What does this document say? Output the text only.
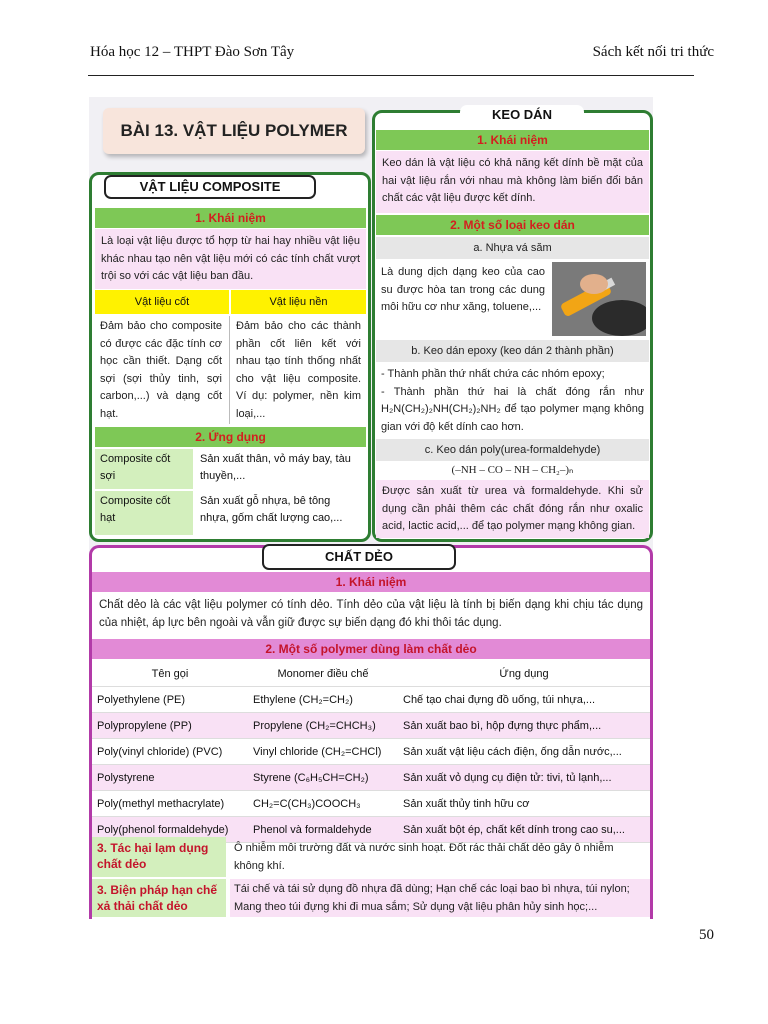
Hóa học 12 – THPT Đào Sơn Tây	Sách kết nối tri thức
BÀI 13. VẬT LIỆU POLYMER
VẬT LIỆU COMPOSITE
1. Khái niệm
Là loại vật liệu được tổ hợp từ hai hay nhiều vật liệu khác nhau tạo nên vật liệu mới có các tính chất vượt trội so với các vật liệu ban đầu.
Vật liệu cốt	Vật liệu nền
Đảm bảo cho composite có được các đặc tính cơ học cần thiết. Dạng cốt sợi (sợi thủy tinh, sợi carbon,...) và dạng cốt hạt.
Đảm bảo cho các thành phần cốt liên kết với nhau tạo tính thống nhất cho vật liệu composite. Ví dụ: polymer, nền kim loại,...
2. Ứng dụng
Composite cốt sợi
Sản xuất thân, vỏ máy bay, tàu thuyền,...
Composite cốt hạt
Sản xuất gỗ nhựa, bê tông nhựa, gốm chất lượng cao,...
KEO DÁN
1. Khái niệm
Keo dán là vật liệu có khả năng kết dính bề mặt của hai vật liệu rắn với nhau mà không làm biến đổi bản chất các vật liệu được kết dính.
2. Một số loại keo dán
a. Nhựa vá săm
Là dung dịch dạng keo của cao su được hòa tan trong các dung môi hữu cơ như xăng, toluene,...
b. Keo dán epoxy (keo dán 2 thành phần)
- Thành phần thứ nhất chứa các nhóm epoxy;
- Thành phần thứ hai là chất đóng rắn như H₂N(CH₂)₂NH(CH₂)₂NH₂ để tạo polymer mạng không gian với độ kết dính cao hơn.
c. Keo dán poly(urea-formaldehyde)
(–NH – CO – NH – CH₂–)ₙ
Được sản xuất từ urea và formaldehyde. Khi sử dụng cần phải thêm các chất đóng rắn như oxalic acid, lactic acid,... để tạo polymer mạng không gian.
CHẤT DẺO
1. Khái niệm
Chất dẻo là các vật liệu polymer có tính dẻo. Tính dẻo của vật liệu là tính bị biến dạng khi chịu tác dụng của nhiệt, áp lực bên ngoài và vẫn giữ được sự biến dạng đó khi thôi tác dụng.
2. Một số polymer dùng làm chất dẻo
Tên gọi	Monomer điều chế	Ứng dụng
Polyethylene (PE)	Ethylene (CH₂=CH₂)	Chế tạo chai đựng đồ uống, túi nhựa,...
Polypropylene (PP)	Propylene (CH₂=CHCH₃)	Sản xuất bao bì, hộp đựng thực phẩm,...
Poly(vinyl chloride) (PVC)	Vinyl chloride (CH₂=CHCl)	Sản xuất vật liệu cách điện, ống dẫn nước,...
Polystyrene	Styrene (C₆H₅CH=CH₂)	Sản xuất vỏ dụng cụ điện tử: tivi, tủ lạnh,...
Poly(methyl methacrylate)	CH₂=C(CH₃)COOCH₃	Sản xuất thủy tinh hữu cơ
Poly(phenol formaldehyde)	Phenol và formaldehyde	Sản xuất bột ép, chất kết dính trong cao su,...
3. Tác hại lạm dụng chất dẻo
Ô nhiễm môi trường đất và nước sinh hoạt. Đốt rác thải chất dẻo gây ô nhiễm không khí.
3. Biện pháp hạn chế xả thải chất dẻo
Tái chế và tái sử dụng đồ nhựa đã dùng; Hạn chế các loại bao bì nhựa, túi nylon; Mang theo túi đựng khi đi mua sắm; Sử dụng vật liệu phân hủy sinh học;...
50
